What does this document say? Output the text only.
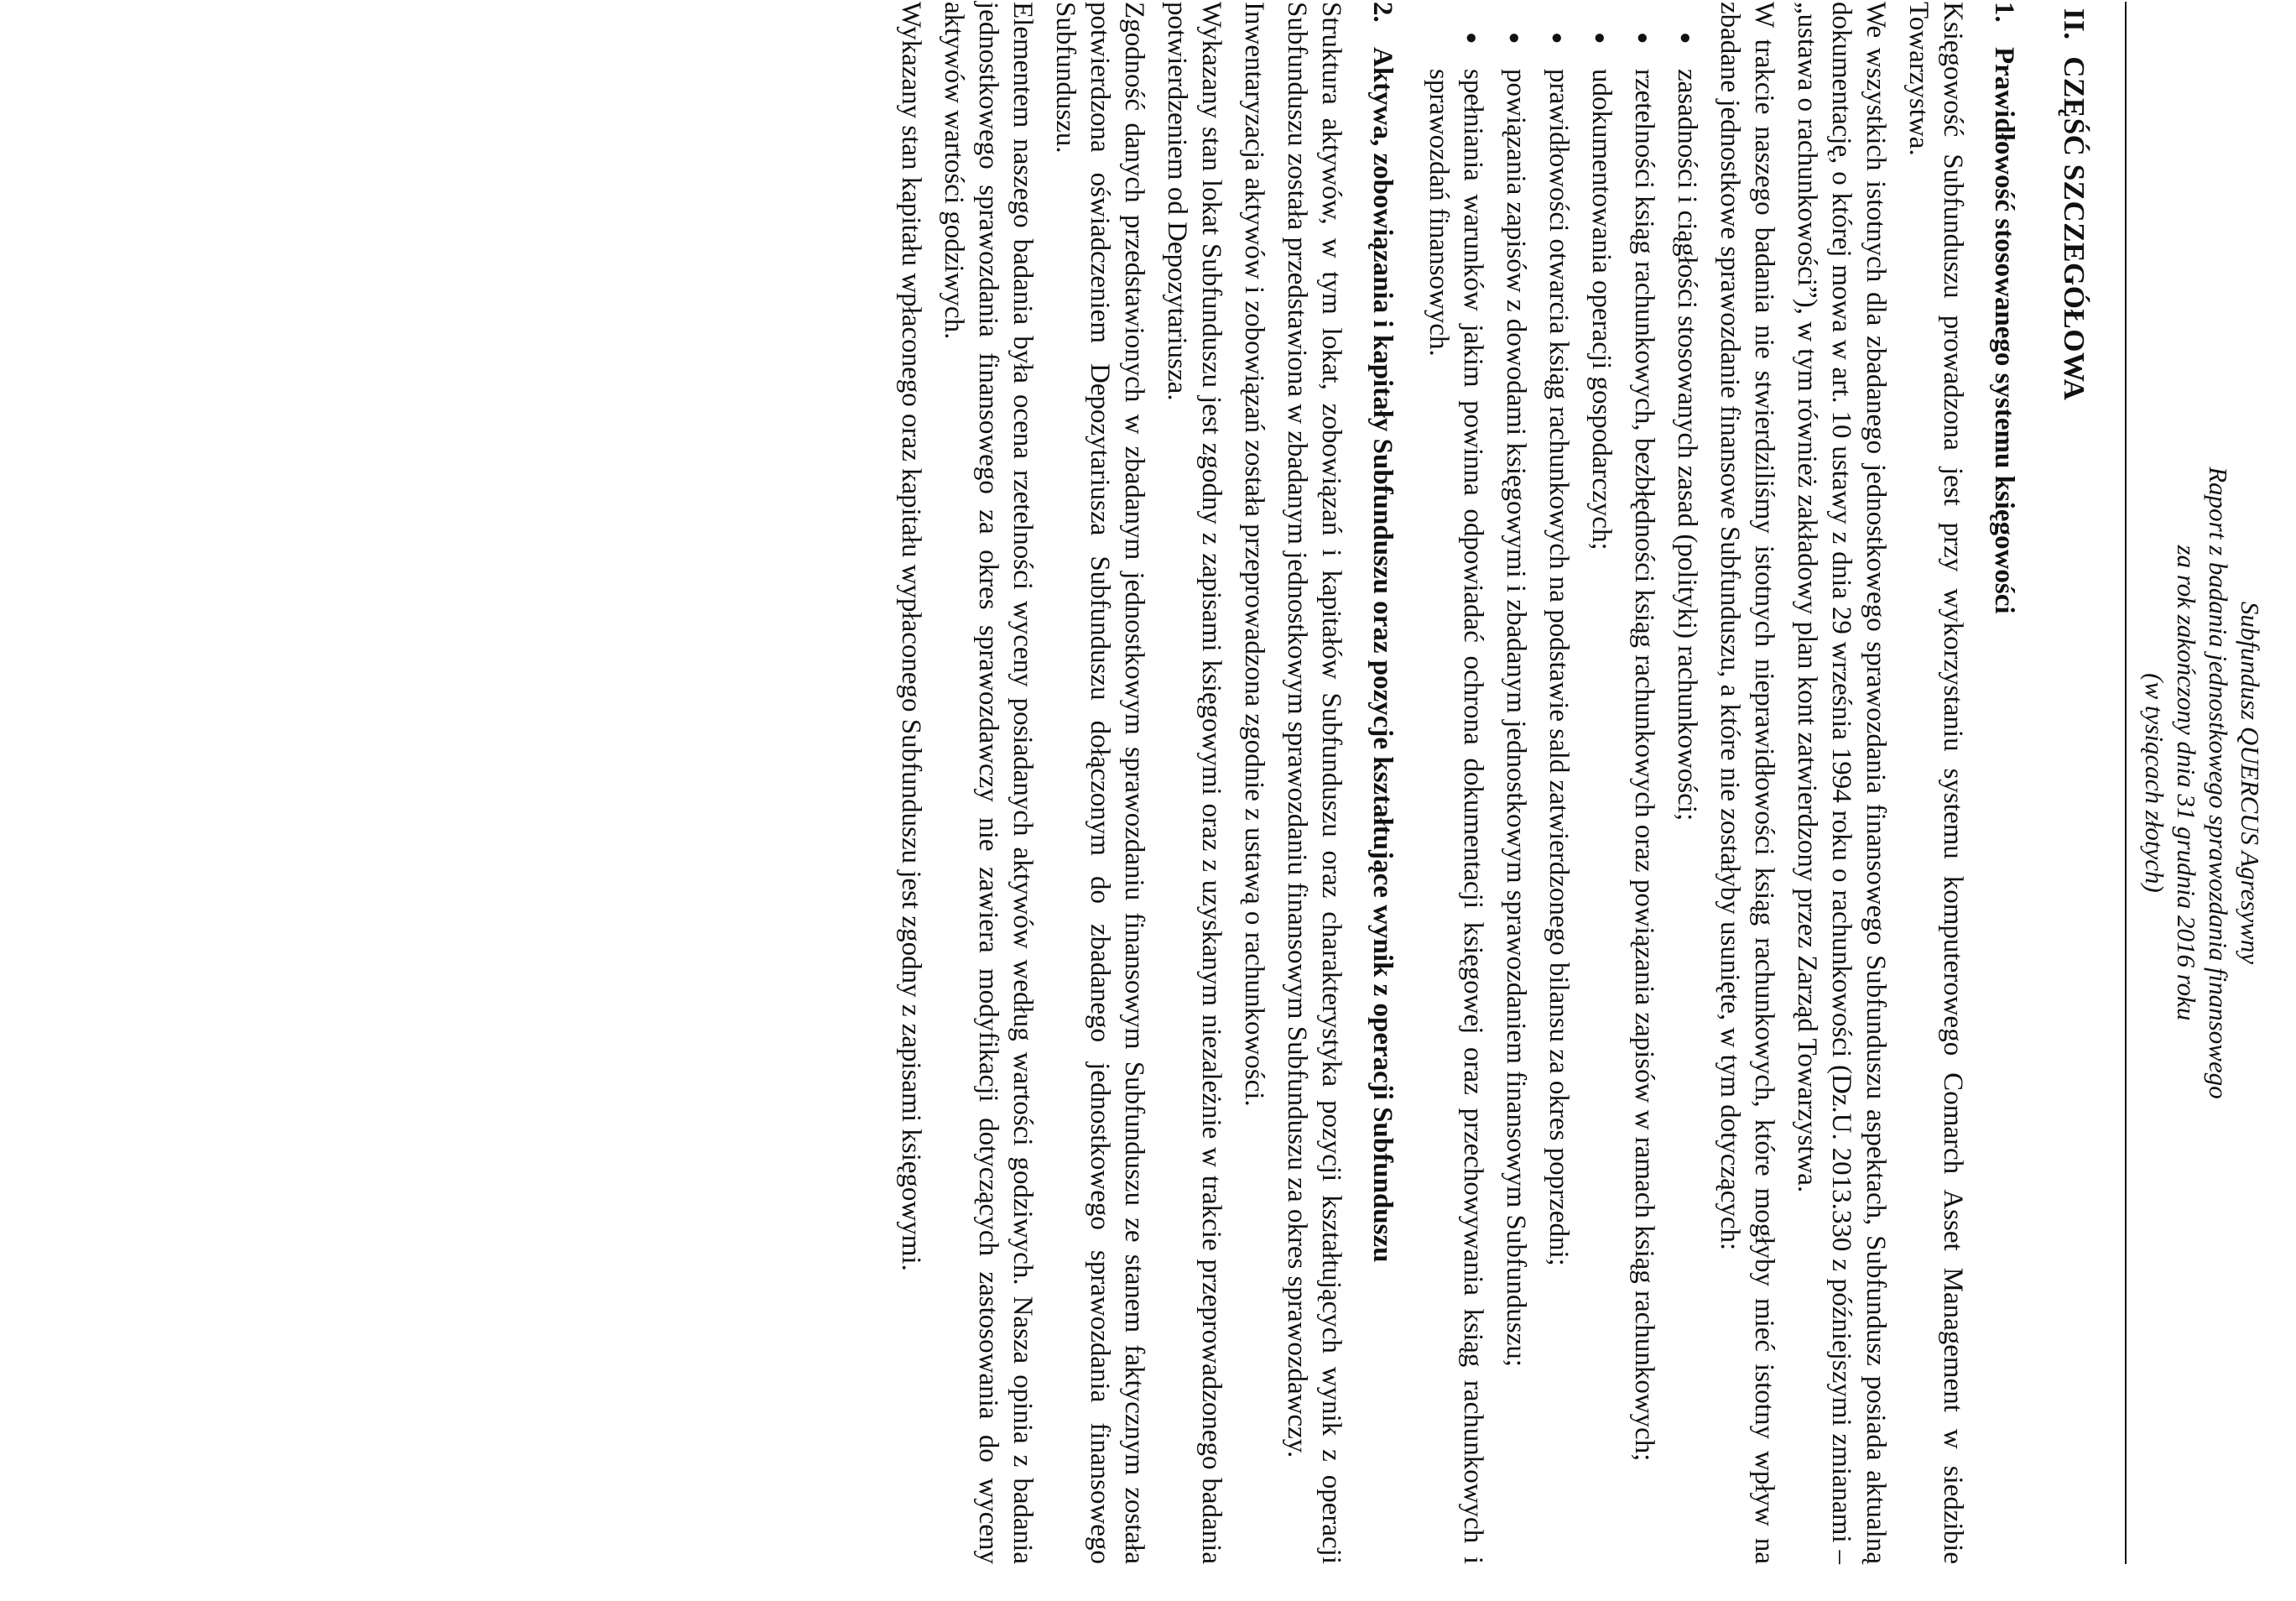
Subfundusz QUERCUS Agresywny
Raport z badania jednostkowego sprawozdania finansowego
za rok zakończony dnia 31 grudnia 2016 roku
(w tysiącach złotych)
II. CZĘŚĆ SZCZEGÓŁOWA
1.
Prawidłowość stosowanego systemu księgowości

Księgowość Subfunduszu prowadzona jest przy wykorzystaniu systemu komputerowego Comarch Asset Management w siedzibie Towarzystwa.

We wszystkich istotnych dla zbadanego jednostkowego sprawozdania finansowego Subfunduszu aspektach, Subfundusz posiada aktualną dokumentację, o której mowa w art. 10 ustawy z dnia 29 września 1994 roku o rachunkowości (Dz.U. 2013.330 z późniejszymi zmianami – „ustawa o rachunkowości”), w tym również zakładowy plan kont zatwierdzony przez Zarząd Towarzystwa.

W trakcie naszego badania nie stwierdziliśmy istotnych nieprawidłowości ksiąg rachunkowych, które mogłyby mieć istotny wpływ na zbadane jednostkowe sprawozdanie finansowe Subfunduszu, a które nie zostałyby usunięte, w tym dotyczących:

●
zasadności i ciągłości stosowanych zasad (polityki) rachunkowości;
●
rzetelności ksiąg rachunkowych, bezbłędności ksiąg rachunkowych oraz powiązania zapisów w ramach ksiąg rachunkowych;
●
udokumentowania operacji gospodarczych;
●
prawidłowości otwarcia ksiąg rachunkowych na podstawie sald zatwierdzonego bilansu za okres poprzedni;
●
powiązania zapisów z dowodami księgowymi i zbadanym jednostkowym sprawozdaniem finansowym Subfunduszu;
●
spełniania warunków jakim powinna odpowiadać ochrona dokumentacji księgowej oraz przechowywania ksiąg rachunkowych i sprawozdań finansowych.
2.
Aktywa, zobowiązania i kapitały Subfunduszu oraz pozycje kształtujące wynik z operacji Subfunduszu

Struktura aktywów, w tym lokat, zobowiązań i kapitałów Subfunduszu oraz charakterystyka pozycji kształtujących wynik z operacji Subfunduszu została przedstawiona w zbadanym jednostkowym sprawozdaniu finansowym Subfunduszu za okres sprawozdawczy.

Inwentaryzacja aktywów i zobowiązań została przeprowadzona zgodnie z ustawą o rachunkowości.

Wykazany stan lokat Subfunduszu jest zgodny z zapisami księgowymi oraz z uzyskanym niezależnie w trakcie przeprowadzonego badania potwierdzeniem od Depozytariusza.

Zgodność danych przedstawionych w zbadanym jednostkowym sprawozdaniu finansowym Subfunduszu ze stanem faktycznym została potwierdzona oświadczeniem Depozytariusza Subfunduszu dołączonym do zbadanego jednostkowego sprawozdania finansowego Subfunduszu.

Elementem naszego badania była ocena rzetelności wyceny posiadanych aktywów według wartości godziwych. Nasza opinia z badania jednostkowego sprawozdania finansowego za okres sprawozdawczy nie zawiera modyfikacji dotyczących zastosowania do wyceny aktywów wartości godziwych.

Wykazany stan kapitału wpłaconego oraz kapitału wypłaconego Subfunduszu jest zgodny z zapisami księgowymi.
